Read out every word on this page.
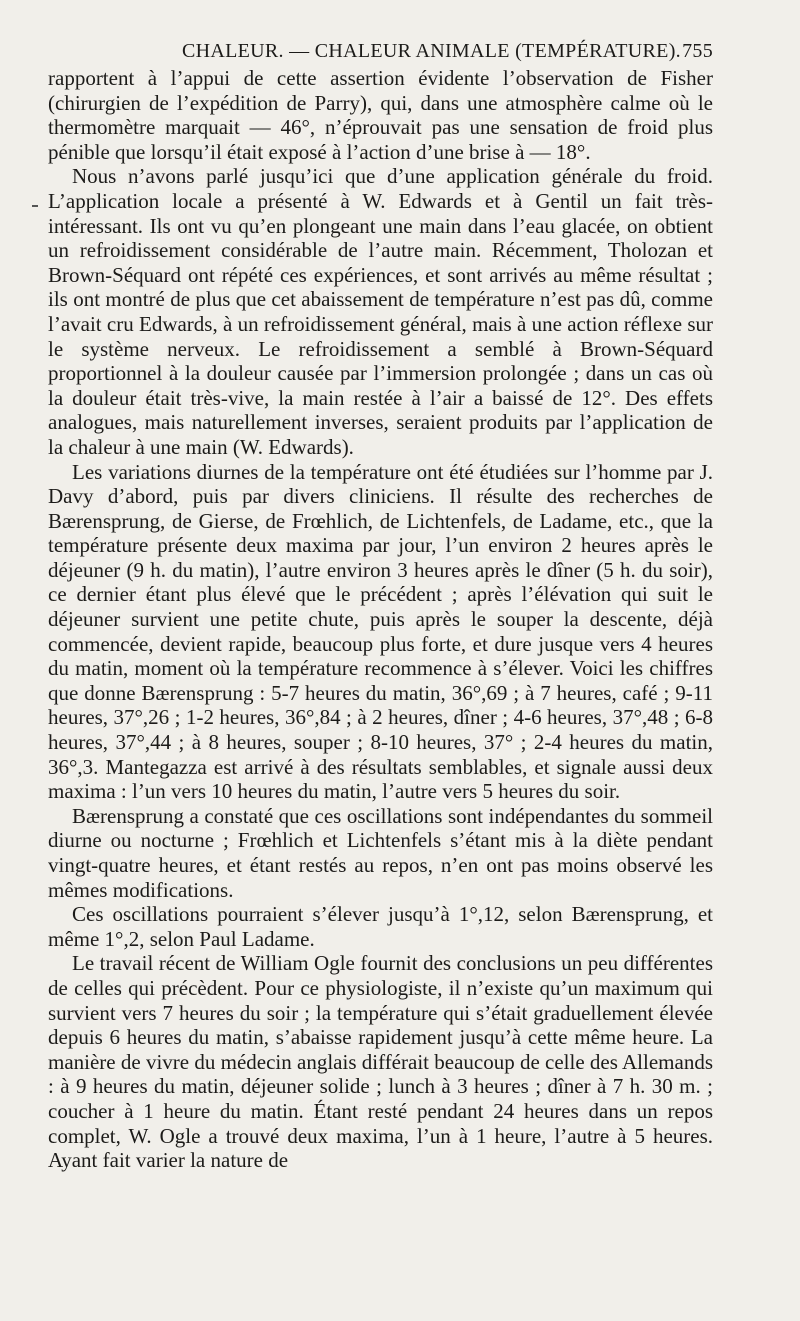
CHALEUR. — CHALEUR ANIMALE (TEMPÉRATURE). 755

rapportent à l’appui de cette assertion évidente l’observation de Fisher (chirurgien de l’expédition de Parry), qui, dans une atmosphère calme où le thermomètre marquait — 46°, n’éprouvait pas une sensation de froid plus pénible que lorsqu’il était exposé à l’action d’une brise à — 18°.

Nous n’avons parlé jusqu’ici que d’une application générale du froid. L’application locale a présenté à W. Edwards et à Gentil un fait très-intéressant. Ils ont vu qu’en plongeant une main dans l’eau glacée, on obtient un refroidissement considérable de l’autre main. Récemment, Tholozan et Brown-Séquard ont répété ces expériences, et sont arrivés au même résultat ; ils ont montré de plus que cet abaissement de température n’est pas dû, comme l’avait cru Edwards, à un refroidissement général, mais à une action réflexe sur le système nerveux. Le refroidissement a semblé à Brown-Séquard proportionnel à la douleur causée par l’immersion prolongée ; dans un cas où la douleur était très-vive, la main restée à l’air a baissé de 12°. Des effets analogues, mais naturellement inverses, seraient produits par l’application de la chaleur à une main (W. Edwards).

Les variations diurnes de la température ont été étudiées sur l’homme par J. Davy d’abord, puis par divers cliniciens. Il résulte des recherches de Bærensprung, de Gierse, de Frœhlich, de Lichtenfels, de Ladame, etc., que la température présente deux maxima par jour, l’un environ 2 heures après le déjeuner (9 h. du matin), l’autre environ 3 heures après le dîner (5 h. du soir), ce dernier étant plus élevé que le précédent ; après l’élévation qui suit le déjeuner survient une petite chute, puis après le souper la descente, déjà commencée, devient rapide, beaucoup plus forte, et dure jusque vers 4 heures du matin, moment où la température recommence à s’élever. Voici les chiffres que donne Bærensprung : 5-7 heures du matin, 36°,69 ; à 7 heures, café ; 9-11 heures, 37°,26 ; 1-2 heures, 36°,84 ; à 2 heures, dîner ; 4-6 heures, 37°,48 ; 6-8 heures, 37°,44 ; à 8 heures, souper ; 8-10 heures, 37° ; 2-4 heures du matin, 36°,3. Mantegazza est arrivé à des résultats semblables, et signale aussi deux maxima : l’un vers 10 heures du matin, l’autre vers 5 heures du soir.

Bærensprung a constaté que ces oscillations sont indépendantes du sommeil diurne ou nocturne ; Frœhlich et Lichtenfels s’étant mis à la diète pendant vingt-quatre heures, et étant restés au repos, n’en ont pas moins observé les mêmes modifications.

Ces oscillations pourraient s’élever jusqu’à 1°,12, selon Bærensprung, et même 1°,2, selon Paul Ladame.

Le travail récent de William Ogle fournit des conclusions un peu différentes de celles qui précèdent. Pour ce physiologiste, il n’existe qu’un maximum qui survient vers 7 heures du soir ; la température qui s’était graduellement élevée depuis 6 heures du matin, s’abaisse rapidement jusqu’à cette même heure. La manière de vivre du médecin anglais différait beaucoup de celle des Allemands : à 9 heures du matin, déjeuner solide ; lunch à 3 heures ; dîner à 7 h. 30 m. ; coucher à 1 heure du matin. Étant resté pendant 24 heures dans un repos complet, W. Ogle a trouvé deux maxima, l’un à 1 heure, l’autre à 5 heures. Ayant fait varier la nature de
